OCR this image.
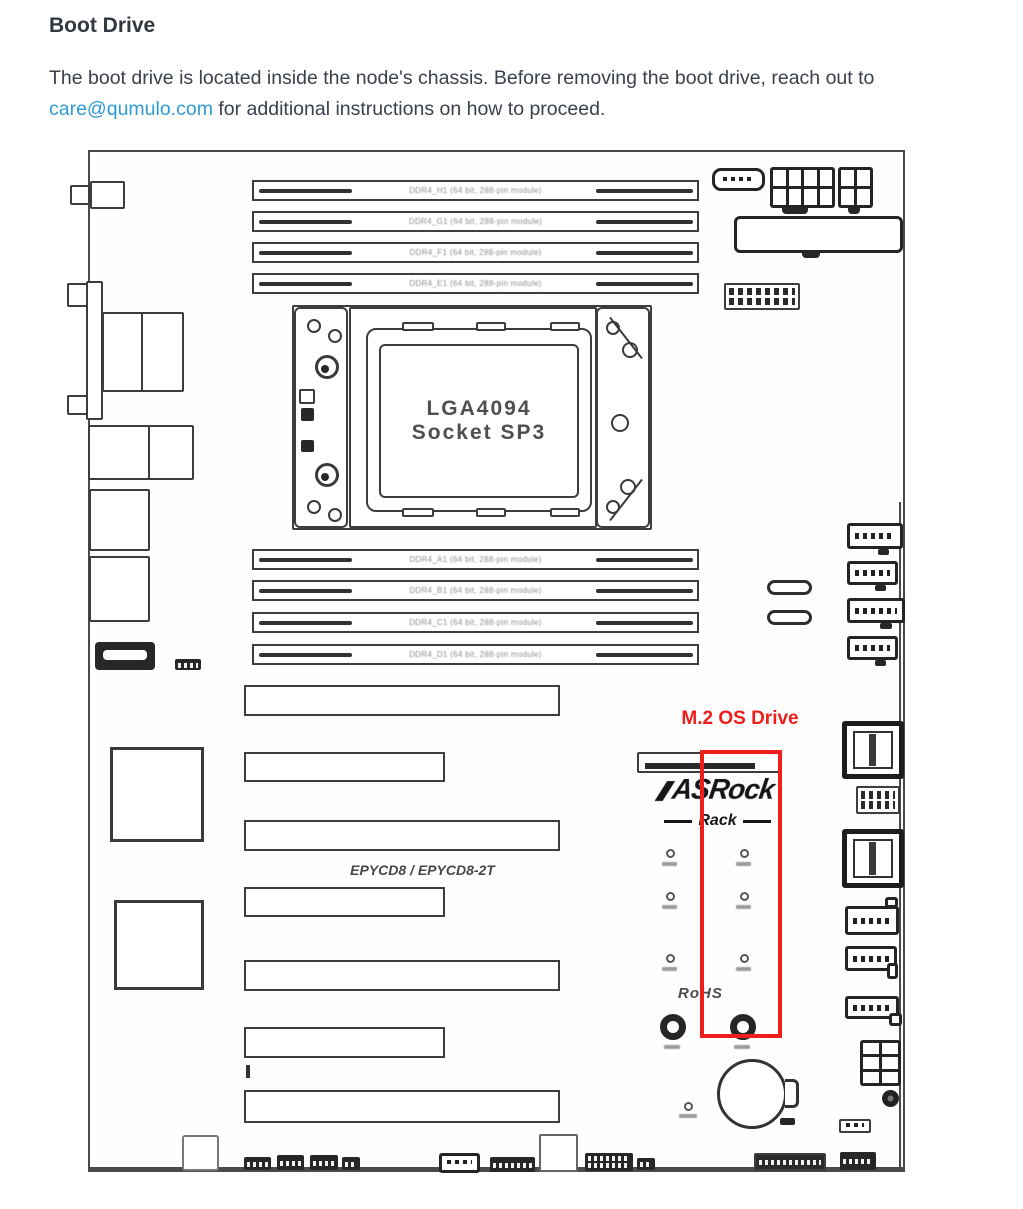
Boot Drive
The boot drive is located inside the node's chassis. Before removing the boot drive, reach out to
care@qumulo.com for additional instructions on how to proceed.
DDR4_H1 (64 bit, 288-pin module)
DDR4_G1 (64 bit, 288-pin module)
DDR4_F1 (64 bit, 288-pin module)
DDR4_E1 (64 bit, 288-pin module)
LGA4094
Socket SP3
DDR4_A1 (64 bit, 288-pin module)
DDR4_B1 (64 bit, 288-pin module)
DDR4_C1 (64 bit, 288-pin module)
DDR4_D1 (64 bit, 288-pin module)
EPYCD8 / EPYCD8-2T
M.2 OS Drive
ASRock
Rack
RoHS
